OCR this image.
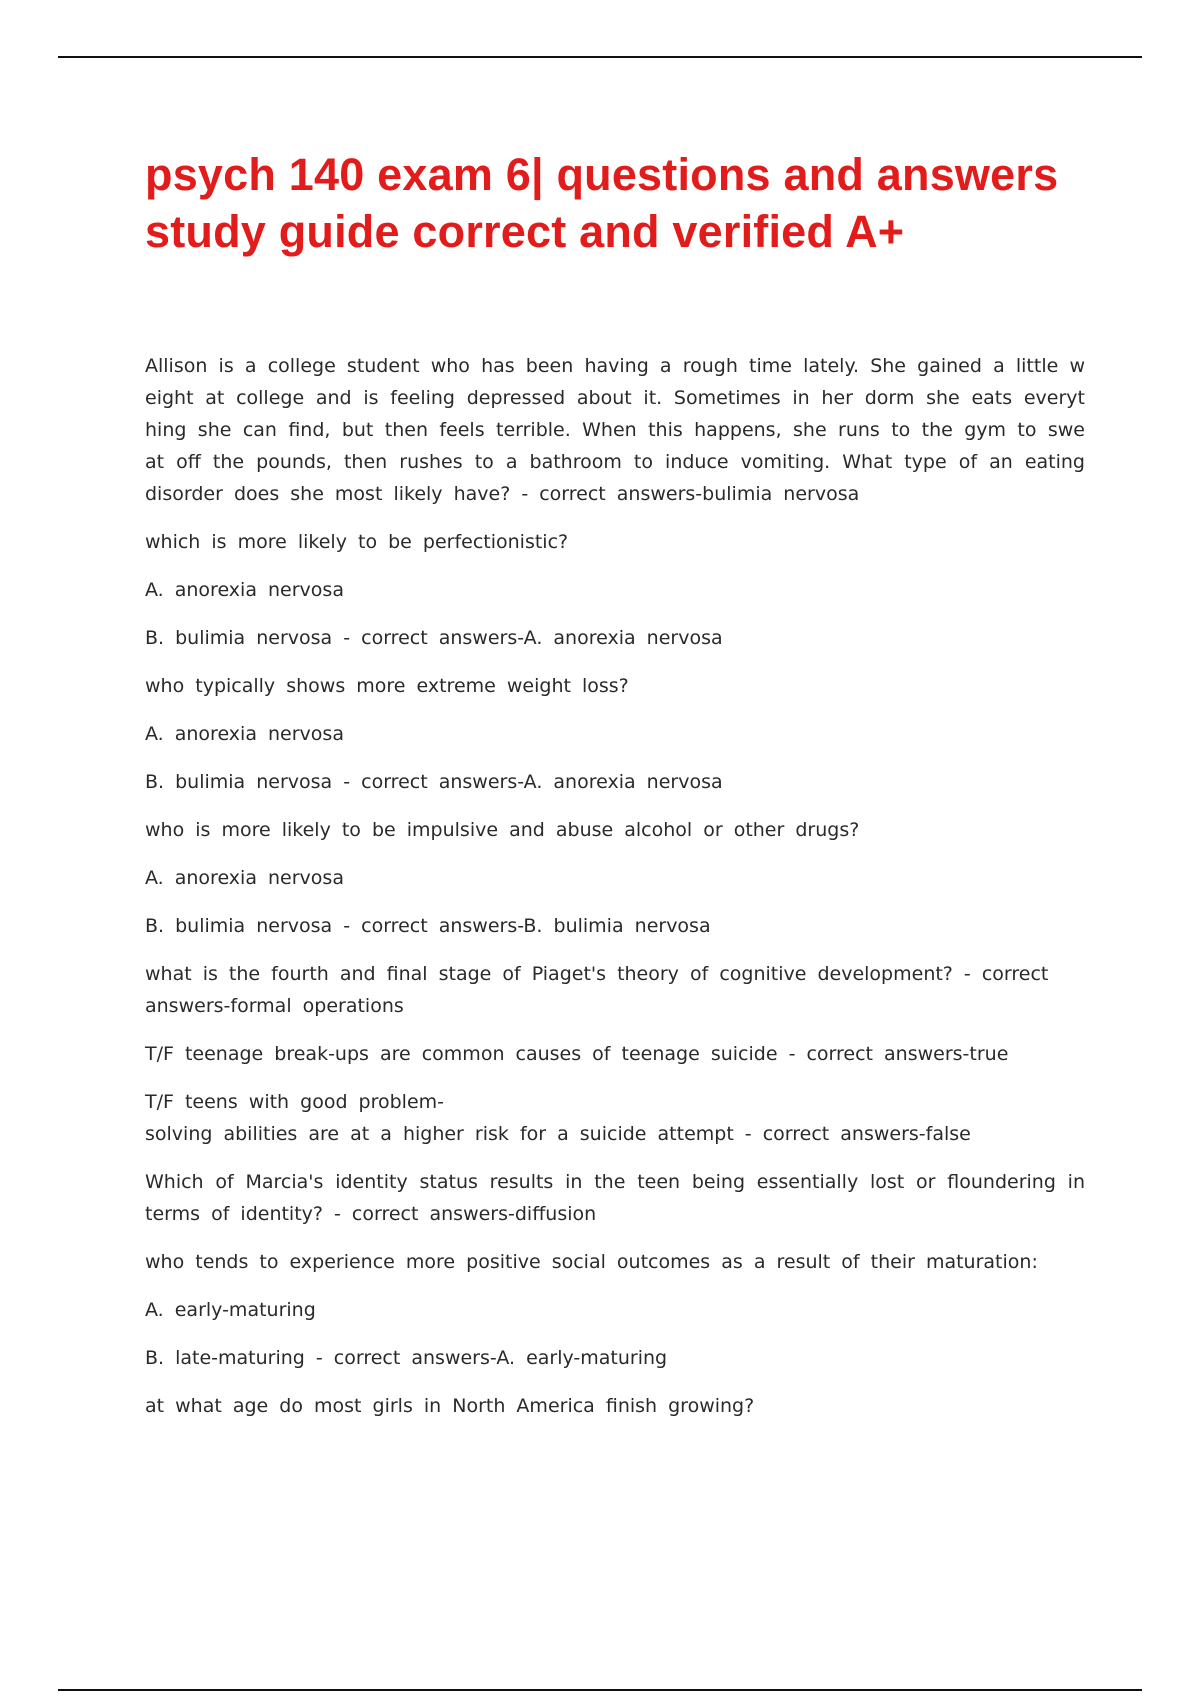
psych 140 exam 6| questions and answers study guide correct and verified A+

Allison is a college student who has been having a rough time lately. She gained a little weight at college and is feeling depressed about it. Sometimes in her dorm she eats everything she can find, but then feels terrible. When this happens, she runs to the gym to sweat off the pounds, then rushes to a bathroom to induce vomiting. What type of an eating disorder does she most likely have? - correct answers-bulimia nervosa

which is more likely to be perfectionistic?

A. anorexia nervosa

B. bulimia nervosa - correct answers-A. anorexia nervosa

who typically shows more extreme weight loss?

A. anorexia nervosa

B. bulimia nervosa - correct answers-A. anorexia nervosa

who is more likely to be impulsive and abuse alcohol or other drugs?

A. anorexia nervosa

B. bulimia nervosa - correct answers-B. bulimia nervosa

what is the fourth and final stage of Piaget's theory of cognitive development? - correct answers-formal operations

T/F teenage break-ups are common causes of teenage suicide - correct answers-true

T/F teens with good problem-
solving abilities are at a higher risk for a suicide attempt - correct answers-false

Which of Marcia's identity status results in the teen being essentially lost or floundering in terms of identity? - correct answers-diffusion

who tends to experience more positive social outcomes as a result of their maturation:

A. early-maturing

B. late-maturing - correct answers-A. early-maturing

at what age do most girls in North America finish growing?
